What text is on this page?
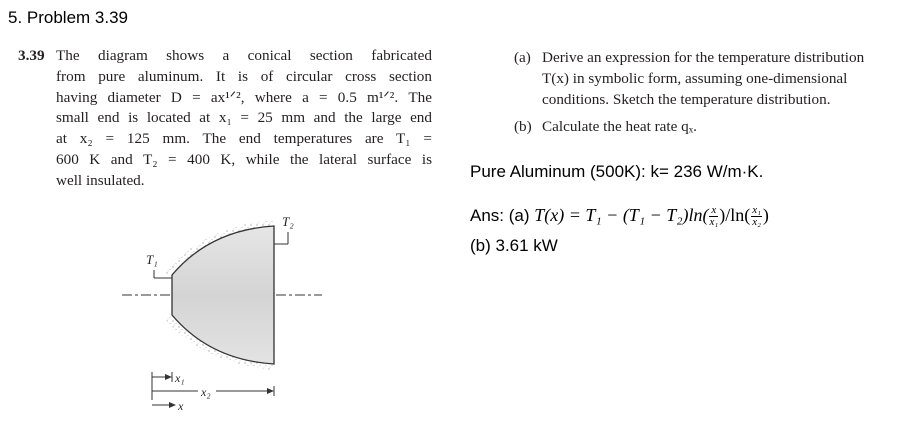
5. Problem 3.39
3.39 The diagram shows a conical section fabricated
from pure aluminum. It is of circular cross section
having diameter D = ax¹ᐟ², where a = 0.5 m¹ᐟ². The
small end is located at x₁ = 25 mm and the large end
at x₂ = 125 mm. The end temperatures are T₁ =
600 K and T₂ = 400 K, while the lateral surface is
well insulated.
(a) Derive an expression for the temperature distribution
T(x) in symbolic form, assuming one-dimensional
conditions. Sketch the temperature distribution.
(b) Calculate the heat rate qₓ.
Pure Aluminum (500K): k= 236 W/m·K.
Ans: (a) $T(x) = T_1 - (T_1 - T_2)\ln( \frac{x}{\text{x₁}} )/\ln( \frac{\text{x₁}}{\text{x₂}}$ )
(b) 3.61 kW
T₁
T₂
x₁
x₂
x
